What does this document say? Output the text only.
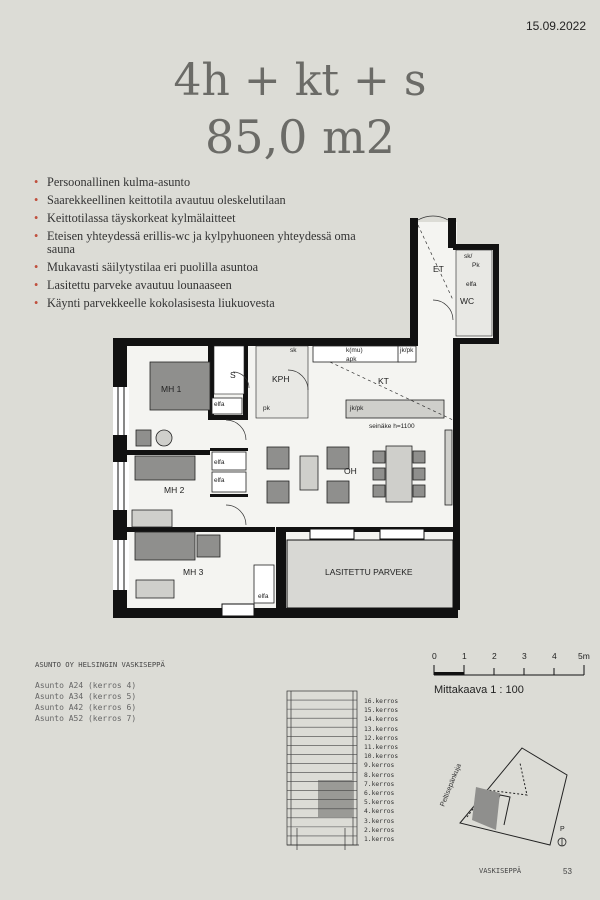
15.09.2022
4h + kt + s
85,0 m2
• Persoonallinen kulma-asunto
• Saarekkeellinen keittotila avautuu oleskelutilaan
• Keittotilassa täyskorkeat kylmälaitteet
• Eteisen yhteydessä erillis-wc ja kylpyhuoneen yhteydessä oma sauna
• Mukavasti säilytystilaa eri puolilla asuntoa
• Lasitettu parveke avautuu lounaaseen
• Käynti parvekkeelle kokolasisesta liukuovesta
ET
WC
MH 1
MH 2
MH 3
S	KPH	KT
OH
LASITETTU PARVEKE
sk/
Pk
elfa
elfa
elfa
elfa
elfa
jk/pk
jk/pk
k(mu)
apk
sk
pk
seinäke h=1100
ASUNTO OY HELSINGIN VASKISEPPÄ
Asunto A24 (kerros 4)
Asunto A34 (kerros 5)
Asunto A42 (kerros 6)
Asunto A52 (kerros 7)
0	1	2	3	4	5m
Mittakaava 1 : 100
16.kerros
15.kerros
14.kerros
13.kerros
12.kerros
11.kerros
10.kerros
9.kerros
8.kerros
7.kerros
6.kerros
5.kerros
4.kerros
3.kerros
2.kerros
1.kerros
Peltisepänkuja
P
VASKISEPPÄ	53
